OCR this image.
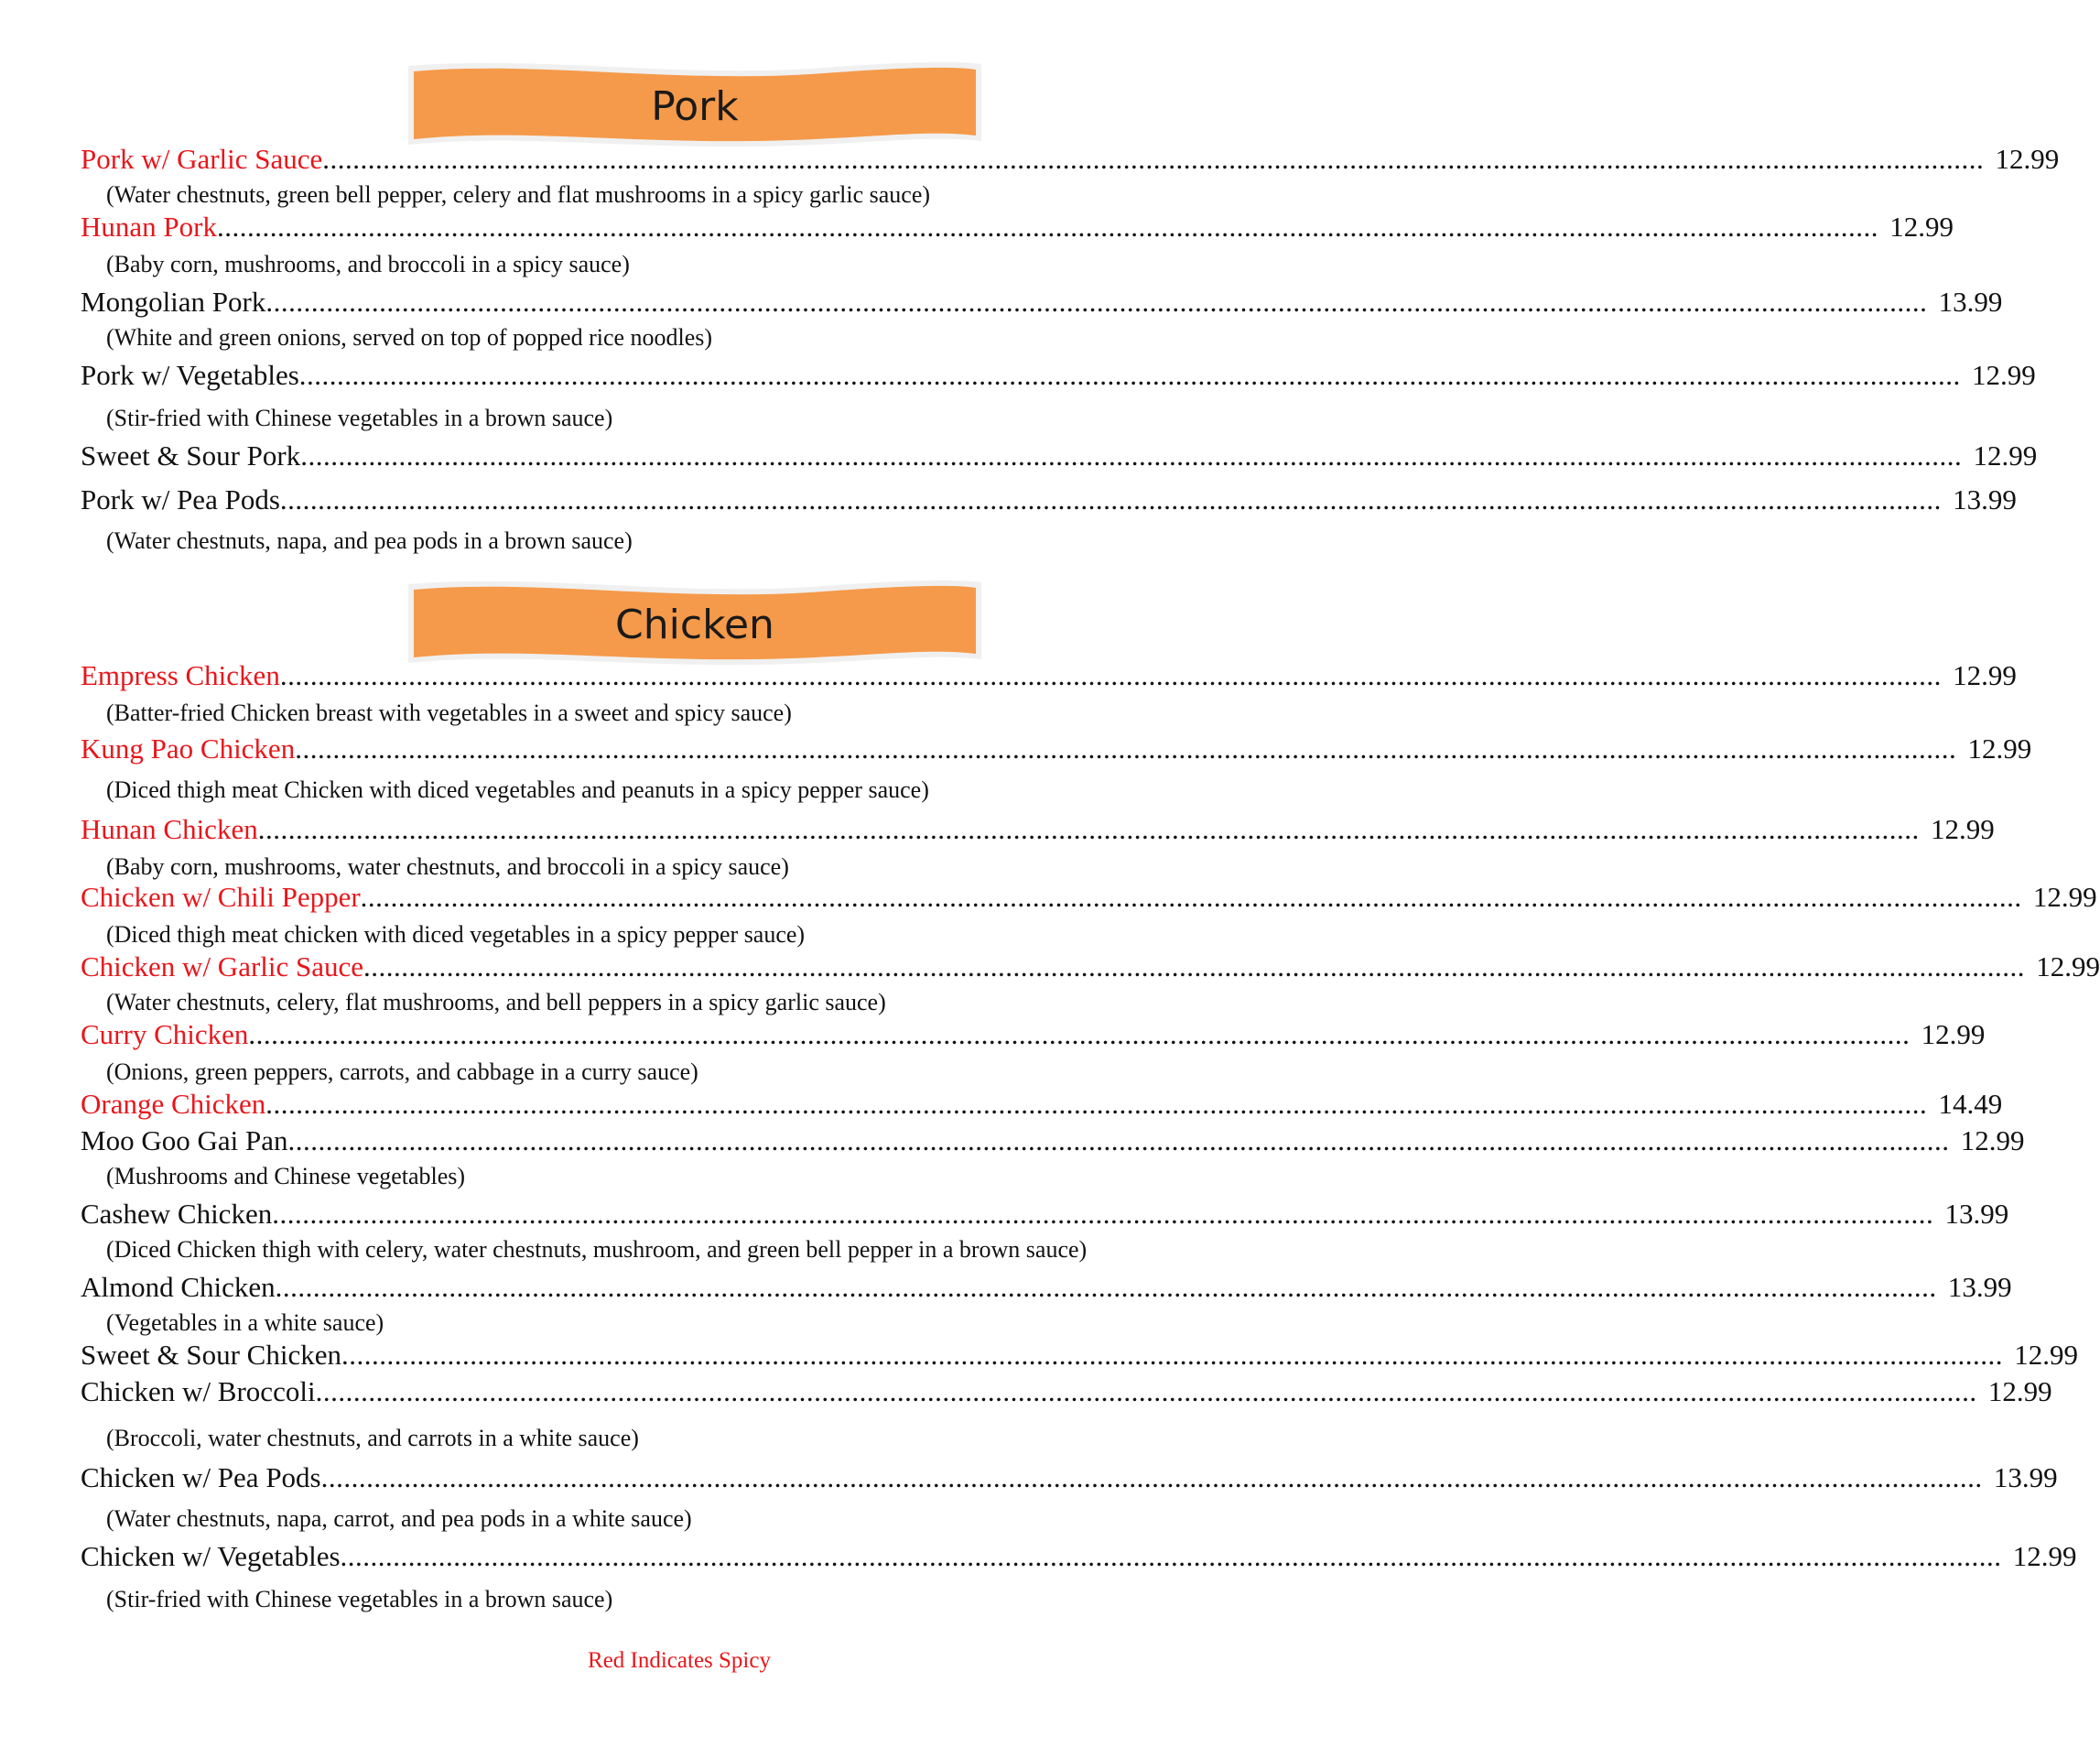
Pork
Pork w/ Garlic Sauce ............................................................................................................................................................................................................................ 12.99
(Water chestnuts, green bell pepper, celery and flat mushrooms in a spicy garlic sauce)
Hunan Pork ............................................................................................................................................................................................................................ 12.99
(Baby corn, mushrooms, and broccoli in a spicy sauce)
Mongolian Pork ............................................................................................................................................................................................................................ 13.99
(White and green onions, served on top of popped rice noodles)
Pork w/ Vegetables ............................................................................................................................................................................................................................ 12.99
(Stir-fried with Chinese vegetables in a brown sauce)
Sweet & Sour Pork ............................................................................................................................................................................................................................ 12.99
Pork w/ Pea Pods ............................................................................................................................................................................................................................ 13.99
(Water chestnuts, napa, and pea pods in a brown sauce)
Chicken
Empress Chicken ............................................................................................................................................................................................................................ 12.99
(Batter-fried Chicken breast with vegetables in a sweet and spicy sauce)
Kung Pao Chicken ............................................................................................................................................................................................................................ 12.99
(Diced thigh meat Chicken with diced vegetables and peanuts in a spicy pepper sauce)
Hunan Chicken ............................................................................................................................................................................................................................ 12.99
(Baby corn, mushrooms, water chestnuts, and broccoli in a spicy sauce)
Chicken w/ Chili Pepper ............................................................................................................................................................................................................................ 12.99
(Diced thigh meat chicken with diced vegetables in a spicy pepper sauce)
Chicken w/ Garlic Sauce ............................................................................................................................................................................................................................ 12.99
(Water chestnuts, celery, flat mushrooms, and bell peppers in a spicy garlic sauce)
Curry Chicken ............................................................................................................................................................................................................................ 12.99
(Onions, green peppers, carrots, and cabbage in a curry sauce)
Orange Chicken ............................................................................................................................................................................................................................ 14.49
Moo Goo Gai Pan ............................................................................................................................................................................................................................ 12.99
(Mushrooms and Chinese vegetables)
Cashew Chicken ............................................................................................................................................................................................................................ 13.99
(Diced Chicken thigh with celery, water chestnuts, mushroom, and green bell pepper in a brown sauce)
Almond Chicken ............................................................................................................................................................................................................................ 13.99
(Vegetables in a white sauce)
Sweet & Sour Chicken ............................................................................................................................................................................................................................ 12.99
Chicken w/ Broccoli ............................................................................................................................................................................................................................ 12.99
(Broccoli, water chestnuts, and carrots in a white sauce)
Chicken w/ Pea Pods ............................................................................................................................................................................................................................ 13.99
(Water chestnuts, napa, carrot, and pea pods in a white sauce)
Chicken w/ Vegetables ............................................................................................................................................................................................................................ 12.99
(Stir-fried with Chinese vegetables in a brown sauce)
Red Indicates Spicy
